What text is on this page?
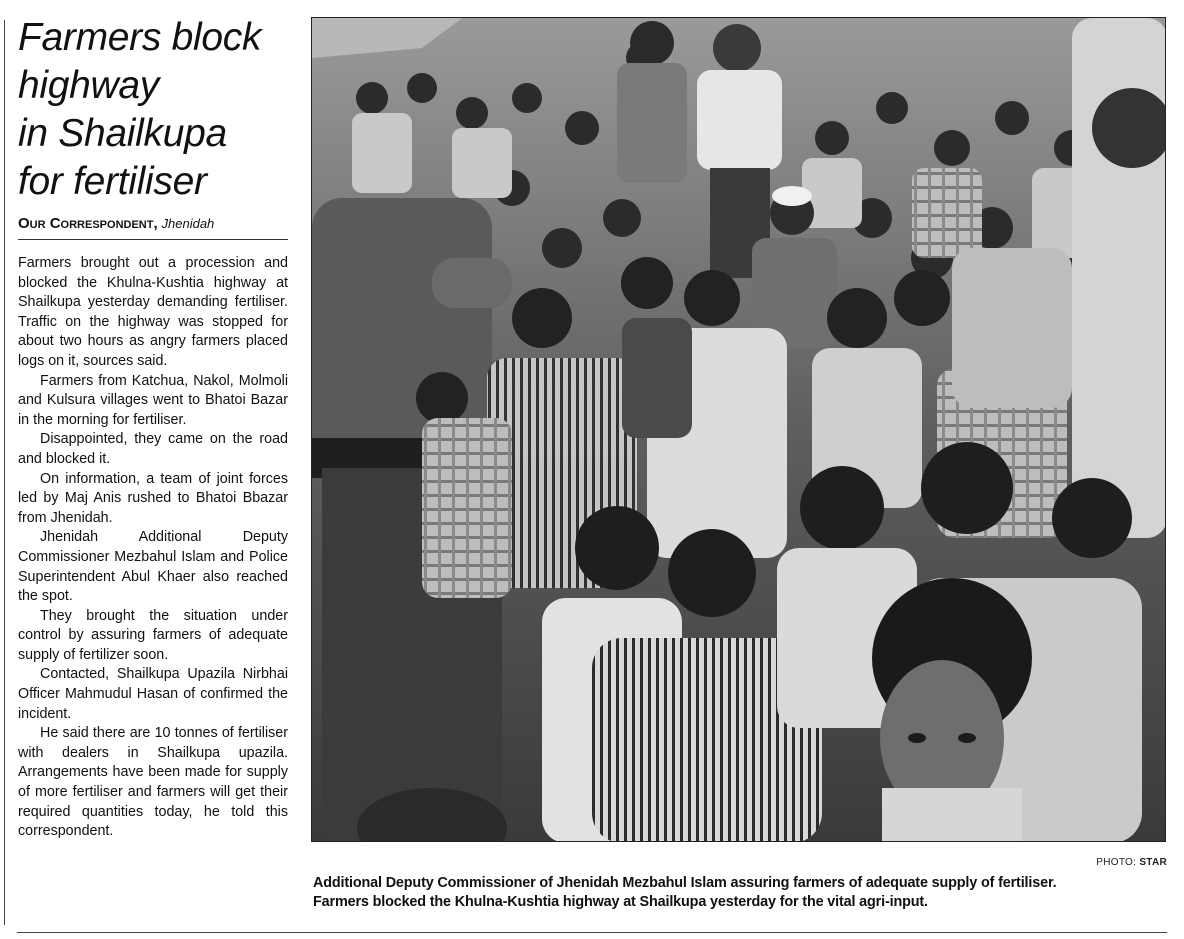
Farmers block
highway
in Shailkupa
for fertiliser
Our Correspondent, Jhenidah

Farmers brought out a procession and blocked the Khulna-Kushtia highway at Shailkupa yesterday demanding fertiliser. Traffic on the highway was stopped for about two hours as angry farmers placed logs on it, sources said.

Farmers from Katchua, Nakol, Molmoli and Kulsura villages went to Bhatoi Bazar in the morning for fertiliser.

Disappointed, they came on the road and blocked it.

On information, a team of joint forces led by Maj Anis rushed to Bhatoi Bbazar from Jhenidah.

Jhenidah Additional Deputy Commissioner Mezbahul Islam and Police Superintendent Abul Khaer also reached the spot.

They brought the situation under control by assuring farmers of adequate supply of fertilizer soon.

Contacted, Shailkupa Upazila Nirbhai Officer Mahmudul Hasan of confirmed the incident.

He said there are 10 tonnes of fertiliser with dealers in Shailkupa upazila. Arrangements have been made for supply of more fertiliser and farmers will get their required quantities today, he told this correspondent.

PHOTO: STAR

Additional Deputy Commissioner of Jhenidah Mezbahul Islam assuring farmers of adequate supply of fertiliser.

Farmers blocked the Khulna-Kushtia highway at Shailkupa yesterday for the vital agri-input.
